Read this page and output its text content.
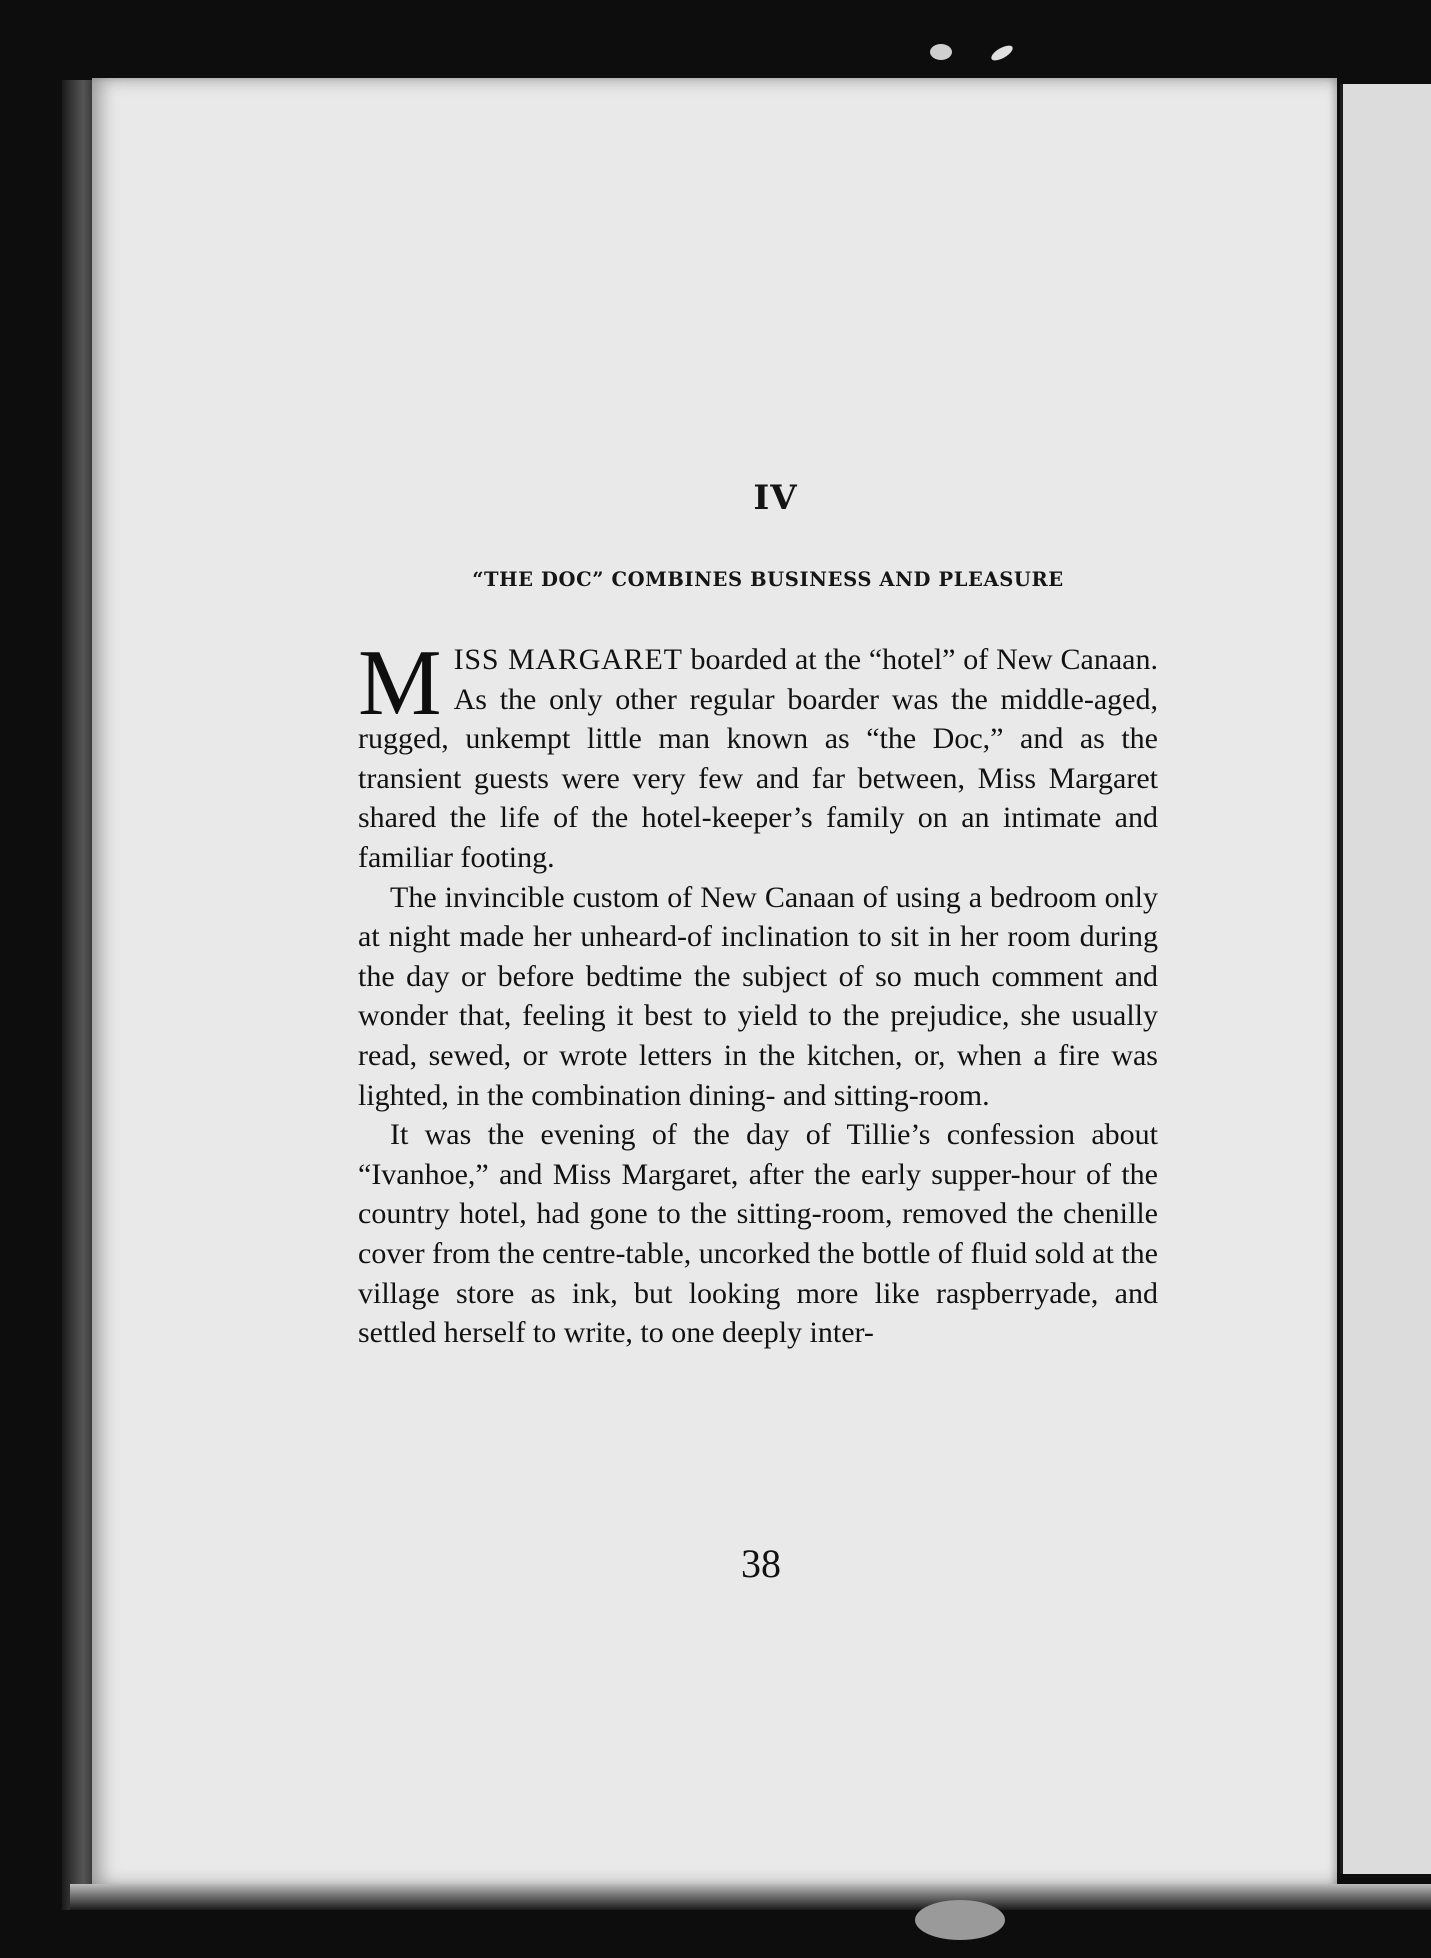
IV
“THE DOC” COMBINES BUSINESS AND PLEASURE

MISS MARGARET boarded at the “hotel” of New Canaan. As the only other regular boarder was the middle-aged, rugged, unkempt little man known as “the Doc,” and as the transient guests were very few and far between, Miss Margaret shared the life of the hotel-keeper’s family on an intimate and familiar footing.

The invincible custom of New Canaan of using a bedroom only at night made her unheard-of inclination to sit in her room during the day or before bedtime the subject of so much comment and wonder that, feeling it best to yield to the prejudice, she usually read, sewed, or wrote letters in the kitchen, or, when a fire was lighted, in the combination dining- and sitting-room.

It was the evening of the day of Tillie’s confession about “Ivanhoe,” and Miss Margaret, after the early supper-hour of the country hotel, had gone to the sitting-room, removed the chenille cover from the centre-table, uncorked the bottle of fluid sold at the village store as ink, but looking more like raspberryade, and settled herself to write, to one deeply inter-

38
